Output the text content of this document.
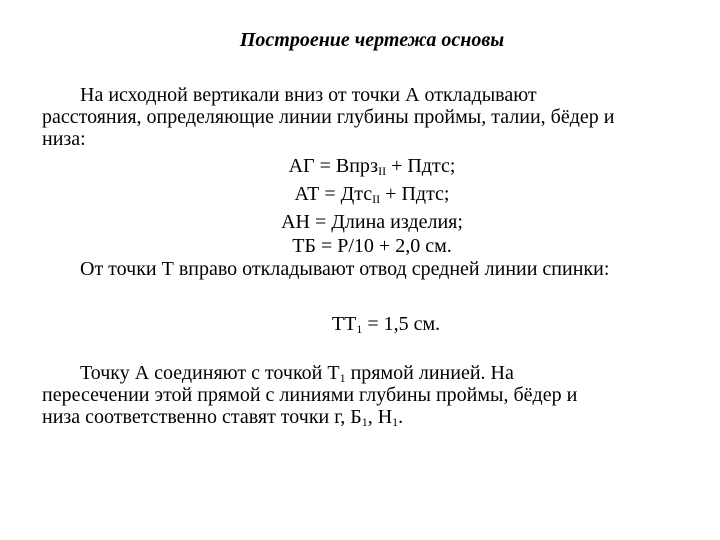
Построение чертежа основы
На исходной вертикали вниз от точки А откладывают
расстояния, определяющие линии глубины проймы, талии, бёдер и
низа:
АГ = Впрз$_{II}$ + Пдтс;
АТ = Дтс$_{II}$ + Пдтс;
АН = Длина изделия;
ТБ = Р/10 + 2,0 см.
От точки Т вправо откладывают отвод средней линии спинки:
$ТТ_1 = 1,5$ см.
Точку А соединяют с точкой $Т_1$ прямой линией. На
пересечении этой прямой с линиями глубины проймы, бёдер и
низа соответственно ставят точки г, $Б_1$, $Н_1$.
